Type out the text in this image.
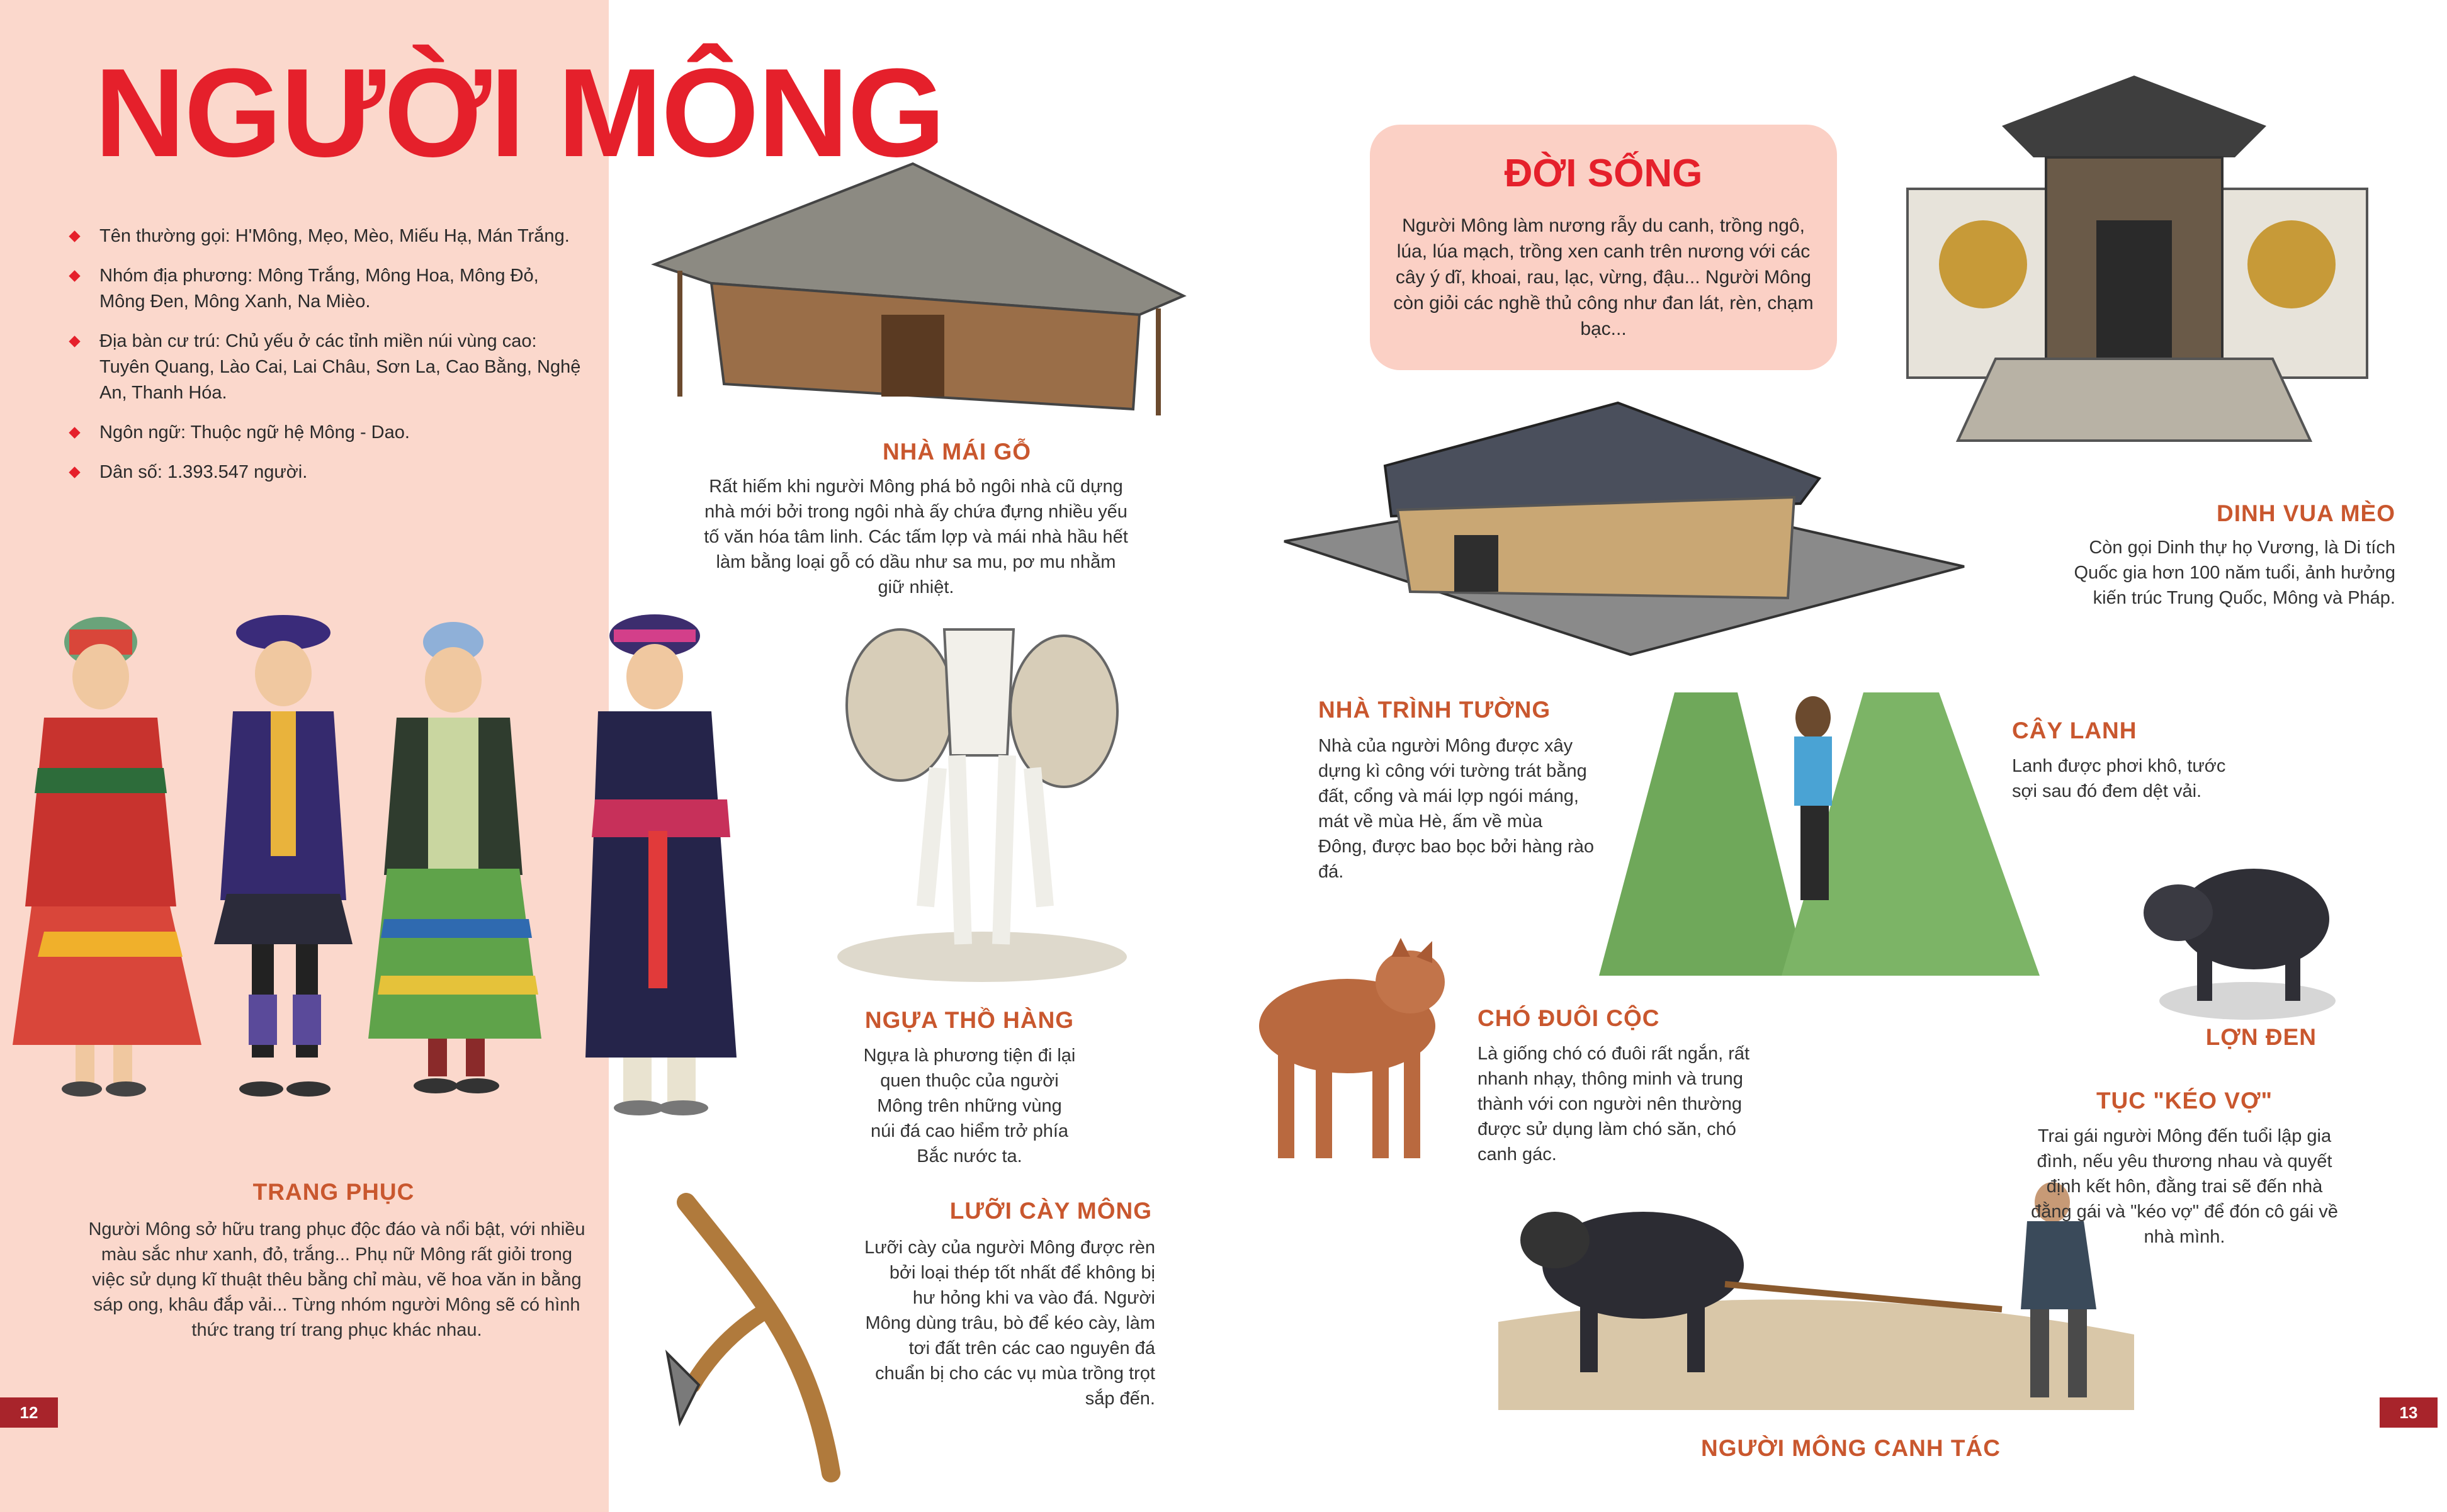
NGƯỜI MÔNG
Tên thường gọi: H'Mông, Mẹo, Mèo, Miếu Hạ, Mán Trắng.
Nhóm địa phương: Mông Trắng, Mông Hoa, Mông Đỏ, Mông Đen, Mông Xanh, Na Mièo.
Địa bàn cư trú: Chủ yếu ở các tỉnh miền núi vùng cao: Tuyên Quang, Lào Cai, Lai Châu, Sơn La, Cao Bằng, Nghệ An, Thanh Hóa.
Ngôn ngữ: Thuộc ngữ hệ Mông - Dao.
Dân số: 1.393.547 người.
TRANG PHỤC
Người Mông sở hữu trang phục độc đáo và nổi bật, với nhiều màu sắc như xanh, đỏ, trắng... Phụ nữ Mông rất giỏi trong việc sử dụng kĩ thuật thêu bằng chỉ màu, vẽ hoa văn in bằng sáp ong, khâu đắp vải... Từng nhóm người Mông sẽ có hình thức trang trí trang phục khác nhau.
NHÀ MÁI GỖ
Rất hiếm khi người Mông phá bỏ ngôi nhà cũ dựng nhà mới bởi trong ngôi nhà ấy chứa đựng nhiều yếu tố văn hóa tâm linh. Các tấm lợp và mái nhà hầu hết làm bằng loại gỗ có dầu như sa mu, pơ mu nhằm giữ nhiệt.
NGỰA THỒ HÀNG
Ngựa là phương tiện đi lại quen thuộc của người Mông trên những vùng núi đá cao hiểm trở phía Bắc nước ta.
LƯỠI CÀY MÔNG
Lưỡi cày của người Mông được rèn bởi loại thép tốt nhất để không bị hư hỏng khi va vào đá. Người Mông dùng trâu, bò để kéo cày, làm tơi đất trên các cao nguyên đá chuẩn bị cho các vụ mùa trồng trọt sắp đến.
ĐỜI SỐNG
Người Mông làm nương rẫy du canh, trồng ngô, lúa, lúa mạch, trồng xen canh trên nương với các cây ý dĩ, khoai, rau, lạc, vừng, đậu... Người Mông còn giỏi các nghề thủ công như đan lát, rèn, chạm bạc...
NHÀ TRÌNH TƯỜNG
Nhà của người Mông được xây dựng kì công với tường trát bằng đất, cổng và mái lợp ngói máng, mát về mùa Hè, ấm về mùa Đông, được bao bọc bởi hàng rào đá.
DINH VUA MÈO
Còn gọi Dinh thự họ Vương, là Di tích Quốc gia hơn 100 năm tuổi, ảnh hưởng kiến trúc Trung Quốc, Mông và Pháp.
CÂY LANH
Lanh được phơi khô, tước sợi sau đó đem dệt vải.
CHÓ ĐUÔI CỘC
Là giống chó có đuôi rất ngắn, rất nhanh nhạy, thông minh và trung thành với con người nên thường được sử dụng làm chó săn, chó canh gác.
LỢN ĐEN
TỤC "KÉO VỢ"
Trai gái người Mông đến tuổi lập gia đình, nếu yêu thương nhau và quyết định kết hôn, đằng trai sẽ đến nhà đằng gái và "kéo vợ" để đón cô gái về nhà mình.
NGƯỜI MÔNG CANH TÁC
12	13
